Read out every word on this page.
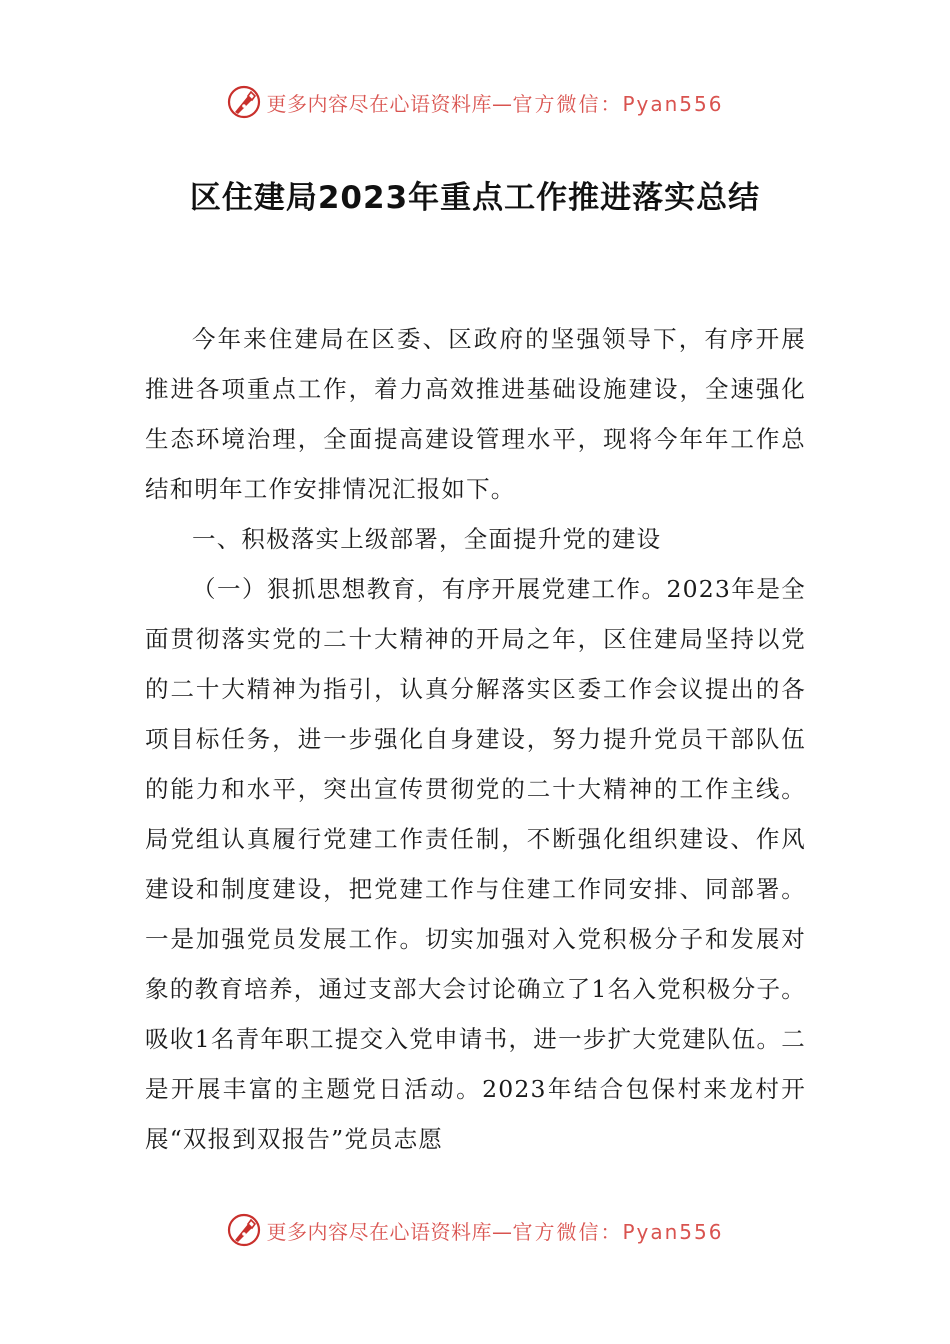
更多内容尽在心语资料库—官方微信：Pyan556
区住建局2023年重点工作推进落实总结

今年来住建局在区委、区政府的坚强领导下，有序开展推进各项重点工作，着力高效推进基础设施建设，全速强化生态环境治理，全面提高建设管理水平，现将今年年工作总结和明年工作安排情况汇报如下。

一、积极落实上级部署，全面提升党的建设

（一）狠抓思想教育，有序开展党建工作。2023年是全面贯彻落实党的二十大精神的开局之年，区住建局坚持以党的二十大精神为指引，认真分解落实区委工作会议提出的各项目标任务，进一步强化自身建设，努力提升党员干部队伍的能力和水平，突出宣传贯彻党的二十大精神的工作主线。局党组认真履行党建工作责任制，不断强化组织建设、作风建设和制度建设，把党建工作与住建工作同安排、同部署。一是加强党员发展工作。切实加强对入党积极分子和发展对象的教育培养，通过支部大会讨论确立了1名入党积极分子。吸收1名青年职工提交入党申请书，进一步扩大党建队伍。二是开展丰富的主题党日活动。2023年结合包保村来龙村开展“双报到双报告”党员志愿

更多内容尽在心语资料库—官方微信：Pyan556
